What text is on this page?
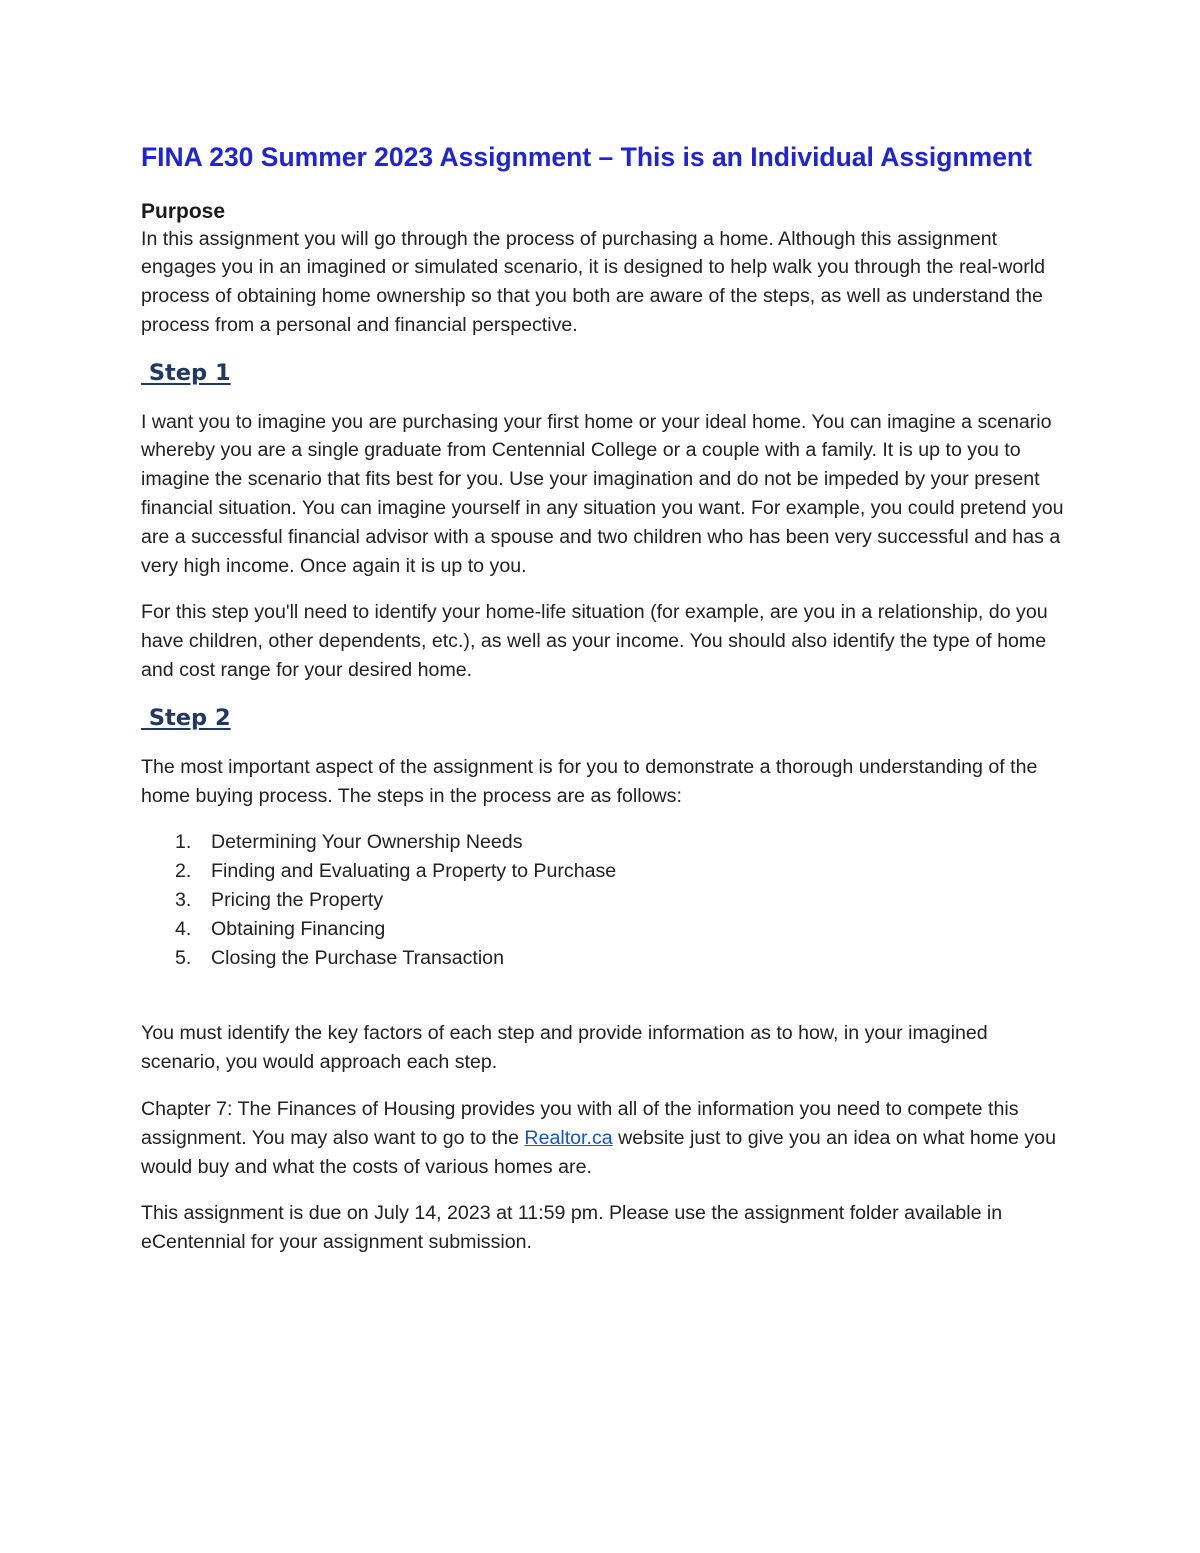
FINA 230 Summer 2023 Assignment – This is an Individual Assignment
Purpose

In this assignment you will go through the process of purchasing a home. Although this assignment engages you in an imagined or simulated scenario, it is designed to help walk you through the real-world process of obtaining home ownership so that you both are aware of the steps, as well as understand the process from a personal and financial perspective.

Step 1

I want you to imagine you are purchasing your first home or your ideal home. You can imagine a scenario whereby you are a single graduate from Centennial College or a couple with a family. It is up to you to imagine the scenario that fits best for you. Use your imagination and do not be impeded by your present financial situation. You can imagine yourself in any situation you want. For example, you could pretend you are a successful financial advisor with a spouse and two children who has been very successful and has a very high income. Once again it is up to you.

For this step you'll need to identify your home-life situation (for example, are you in a relationship, do you have children, other dependents, etc.), as well as your income. You should also identify the type of home and cost range for your desired home.

Step 2

The most important aspect of the assignment is for you to demonstrate a thorough understanding of the home buying process. The steps in the process are as follows:

1. Determining Your Ownership Needs
2. Finding and Evaluating a Property to Purchase
3. Pricing the Property
4. Obtaining Financing
5. Closing the Purchase Transaction

You must identify the key factors of each step and provide information as to how, in your imagined scenario, you would approach each step.

Chapter 7: The Finances of Housing provides you with all of the information you need to compete this assignment. You may also want to go to the Realtor.ca website just to give you an idea on what home you would buy and what the costs of various homes are.

This assignment is due on July 14, 2023 at 11:59 pm. Please use the assignment folder available in eCentennial for your assignment submission.
